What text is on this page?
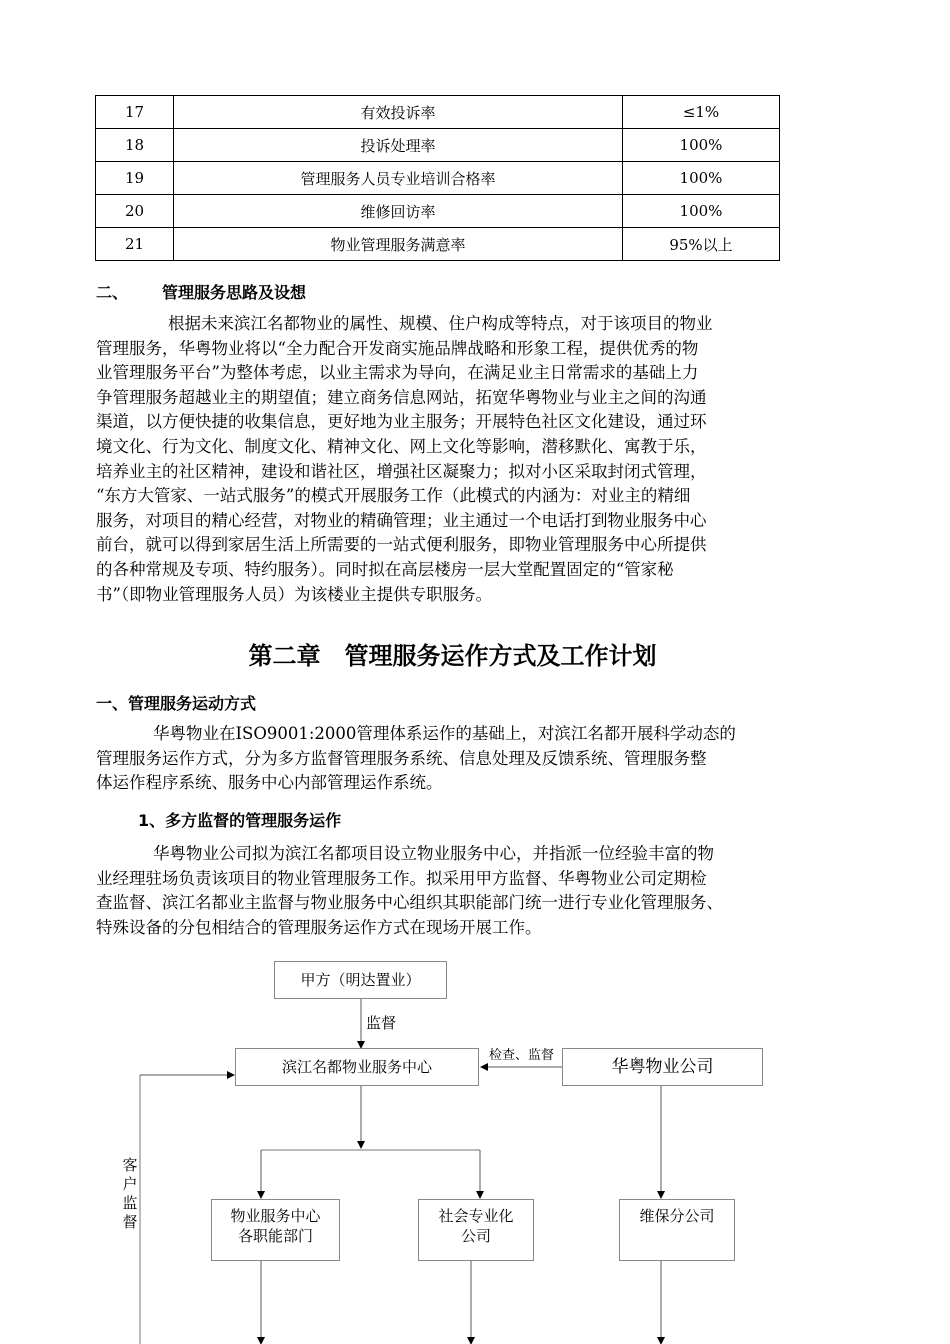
17	有效投诉率	≤1%
18	投诉处理率	100%
19	管理服务人员专业培训合格率	100%
20	维修回访率	100%
21	物业管理服务满意率	95%以上
二、 管理服务思路及设想
根据未来滨江名都物业的属性、规模、住户构成等特点，对于该项目的物业
管理服务，华粤物业将以“全力配合开发商实施品牌战略和形象工程，提供优秀的物
业管理服务平台”为整体考虑，以业主需求为导向，在满足业主日常需求的基础上力
争管理服务超越业主的期望值；建立商务信息网站，拓宽华粤物业与业主之间的沟通
渠道，以方便快捷的收集信息，更好地为业主服务；开展特色社区文化建设，通过环
境文化、行为文化、制度文化、精神文化、网上文化等影响，潜移默化、寓教于乐，
培养业主的社区精神，建设和谐社区，增强社区凝聚力；拟对小区采取封闭式管理，
“东方大管家、一站式服务”的模式开展服务工作（此模式的内涵为：对业主的精细
服务，对项目的精心经营，对物业的精确管理；业主通过一个电话打到物业服务中心
前台，就可以得到家居生活上所需要的一站式便利服务，即物业管理服务中心所提供
的各种常规及专项、特约服务）。同时拟在高层楼房一层大堂配置固定的“管家秘
书”（即物业管理服务人员）为该楼业主提供专职服务。
第二章　管理服务运作方式及工作计划
一、管理服务运动方式
华粤物业在ISO9001:2000管理体系运作的基础上，对滨江名都开展科学动态的
管理服务运作方式，分为多方监督管理服务系统、信息处理及反馈系统、管理服务整
体运作程序系统、服务中心内部管理运作系统。
1、多方监督的管理服务运作
华粤物业公司拟为滨江名都项目设立物业服务中心，并指派一位经验丰富的物
业经理驻场负责该项目的物业管理服务工作。拟采用甲方监督、华粤物业公司定期检
查监督、滨江名都业主监督与物业服务中心组织其职能部门统一进行专业化管理服务、
特殊设备的分包相结合的管理服务运作方式在现场开展工作。
甲方（明达置业）
监督
滨江名都物业服务中心
检查、监督
华粤物业公司
客户监督	物业服务中心
各职能部门
社会专业化
公司
维保分公司
